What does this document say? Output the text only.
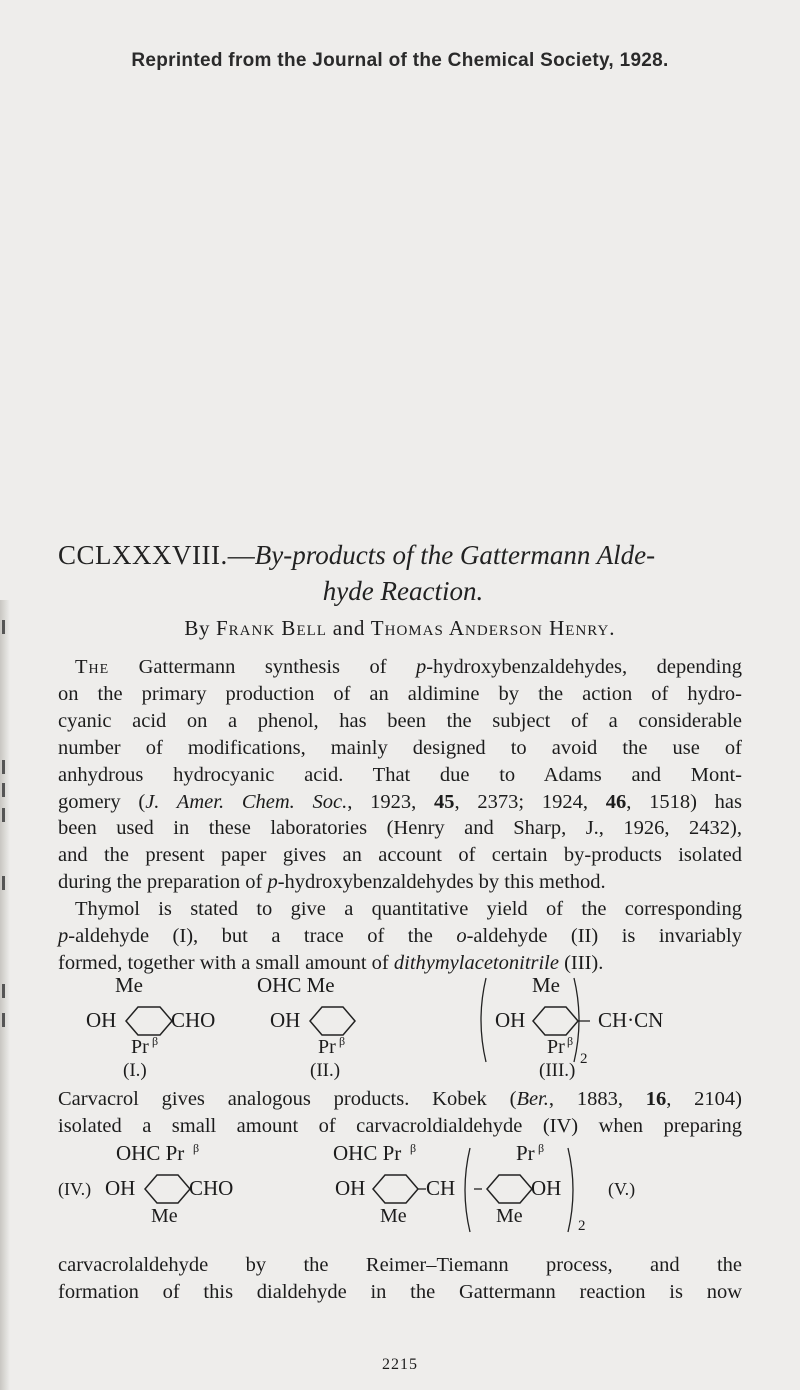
Reprinted from the Journal of the Chemical Society, 1928.
CCLXXXVIII.—By-products of the Gattermann Alde-
hyde Reaction.
By Frank Bell and Thomas Anderson Henry.
The Gattermann synthesis of p-hydroxybenzaldehydes, depending
on the primary production of an aldimine by the action of hydro-
cyanic acid on a phenol, has been the subject of a considerable
number of modifications, mainly designed to avoid the use of
anhydrous hydrocyanic acid. That due to Adams and Mont-
gomery (J. Amer. Chem. Soc., 1923, 45, 2373; 1924, 46, 1518) has
been used in these laboratories (Henry and Sharp, J., 1926, 2432),
and the present paper gives an account of certain by-products isolated
during the preparation of p-hydroxybenzaldehydes by this method.
Thymol is stated to give a quantitative yield of the corresponding
p-aldehyde (I), but a trace of the o-aldehyde (II) is invariably
formed, together with a small amount of dithymylacetonitrile (III).
Me
OH	CHO
Pr β
(I.)
OHC Me
OH
Pr β
(II.)
Me
OH
Pr β
2
CH·CN
(III.)
Carvacrol gives analogous products. Kobek (Ber., 1883, 16, 2104)
isolated a small amount of carvacroldialdehyde (IV) when preparing
OHC Pr β
(IV.) OH	CHO
Me
OHC Pr β
OH	CH
Me
Pr β
OH
Me	2
(V.)
carvacrolaldehyde by the Reimer–Tiemann process, and the
formation of this dialdehyde in the Gattermann reaction is now
2215
